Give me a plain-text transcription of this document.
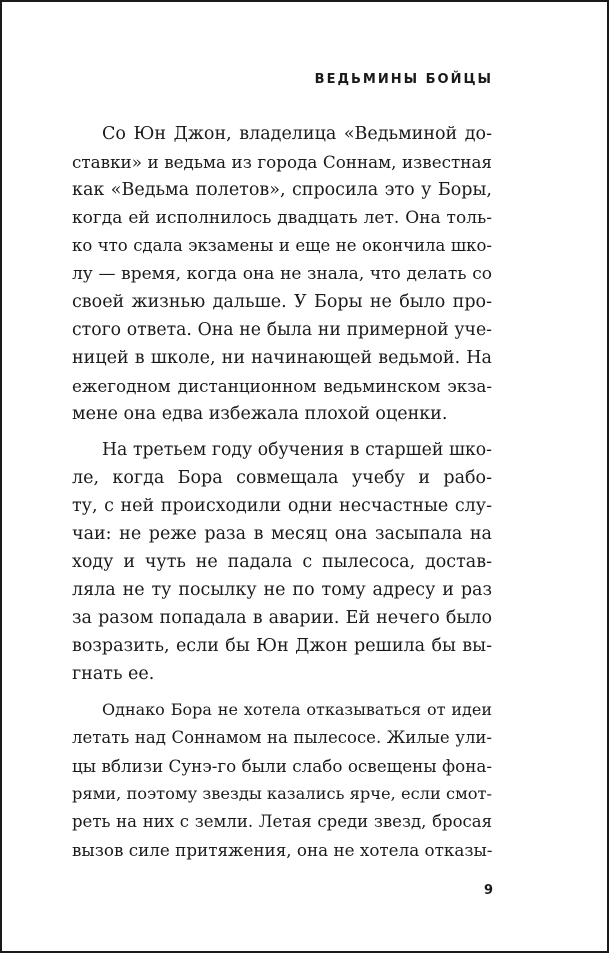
ВЕДЬМИНЫ БОЙЦЫ
Со Юн Джон, владелица «Ведьминой до-
ставки» и ведьма из города Соннам, известная
как «Ведьма полетов», спросила это у Боры,
когда ей исполнилось двадцать лет. Она толь-
ко что сдала экзамены и еще не окончила шко-
лу — время, когда она не знала, что делать со
своей жизнью дальше. У Боры не было про-
стого ответа. Она не была ни примерной уче-
ницей в школе, ни начинающей ведьмой. На
ежегодном дистанционном ведьминском экза-
мене она едва избежала плохой оценки.
На третьем году обучения в старшей шко-
ле, когда Бора совмещала учебу и рабо-
ту, с ней происходили одни несчастные слу-
чаи: не реже раза в месяц она засыпала на
ходу и чуть не падала с пылесоса, достав-
ляла не ту посылку не по тому адресу и раз
за разом попадала в аварии. Ей нечего было
возразить, если бы Юн Джон решила бы вы-
гнать ее.
Однако Бора не хотела отказываться от идеи
летать над Соннамом на пылесосе. Жилые ули-
цы вблизи Сунэ-го были слабо освещены фона-
рями, поэтому звезды казались ярче, если смот-
реть на них с земли. Летая среди звезд, бросая
вызов силе притяжения, она не хотела отказы-
9
